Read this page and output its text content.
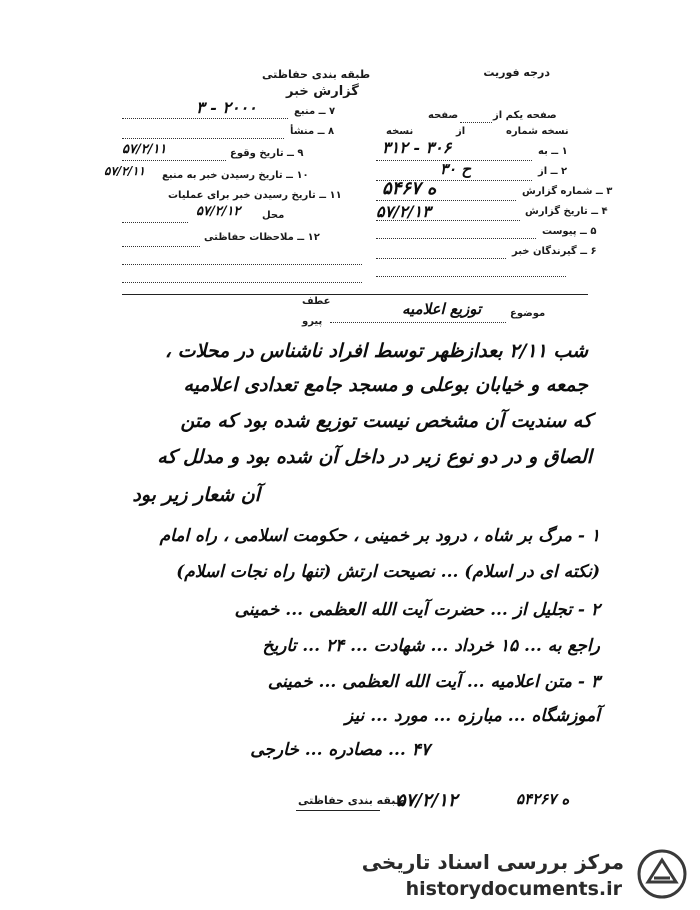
درجه فوریت
طبقه بندی حفاظتی
گزارش خبر
صفحه یکم از
صفحه
نسخه شماره
از
نسخه
۱ ــ به
۳۱۲ - ۳۰۶
۲ ــ از
۳۰ ح
۳ ــ شماره گزارش
۵۴۶۷ ه
۴ ــ تاریخ گزارش
۵۷/۲/۱۳
۵ ــ پیوست
۶ ــ گیرندگان خبر
۷ ــ منبع
۳ - ۲۰۰۰
۸ ــ منشأ
۹ ــ تاریخ وقوع
۵۷/۲/۱۱
۱۰ ــ تاریخ رسیدن خبر به منبع
۵۷/۲/۱۱
۱۱ ــ تاریخ رسیدن خبر برای عملیات
محل
۵۷/۲/۱۲
۱۲ ــ ملاحظات حفاظتی
عطف
پیرو
موضوع
توزیع اعلامیه
شب ۲/۱۱ بعدازظهر توسط افراد ناشناس در محلات ،
جمعه و خیابان بوعلی و مسجد جامع تعدادی اعلامیه
که سندیت آن مشخص نیست توزیع شده بود که متن
الصاق و در دو نوع زیر در داخل آن شده بود و مدلل که
آن شعار زیر بود
۱ - مرگ بر شاه ، درود بر خمینی ، حکومت اسلامی ، راه امام
(نکته ای در اسلام) ... نصیحت ارتش (تنها راه نجات اسلام)
۲ - تجلیل از ... حضرت آیت الله العظمی ... خمینی
راجع به ... ۱۵ خرداد ... شهادت ... ۲۴ ... تاریخ
۳ - متن اعلامیه ... آیت الله العظمی ... خمینی
آموزشگاه ... مبارزه ... مورد ... نیز
۴۷ ... مصادره ... خارجی
۵۴۲۶۷ ه
طبقه بندی حفاظتی
۵۷/۲/۱۲
مرکز بررسی اسناد تاریخی
historydocuments.ir
